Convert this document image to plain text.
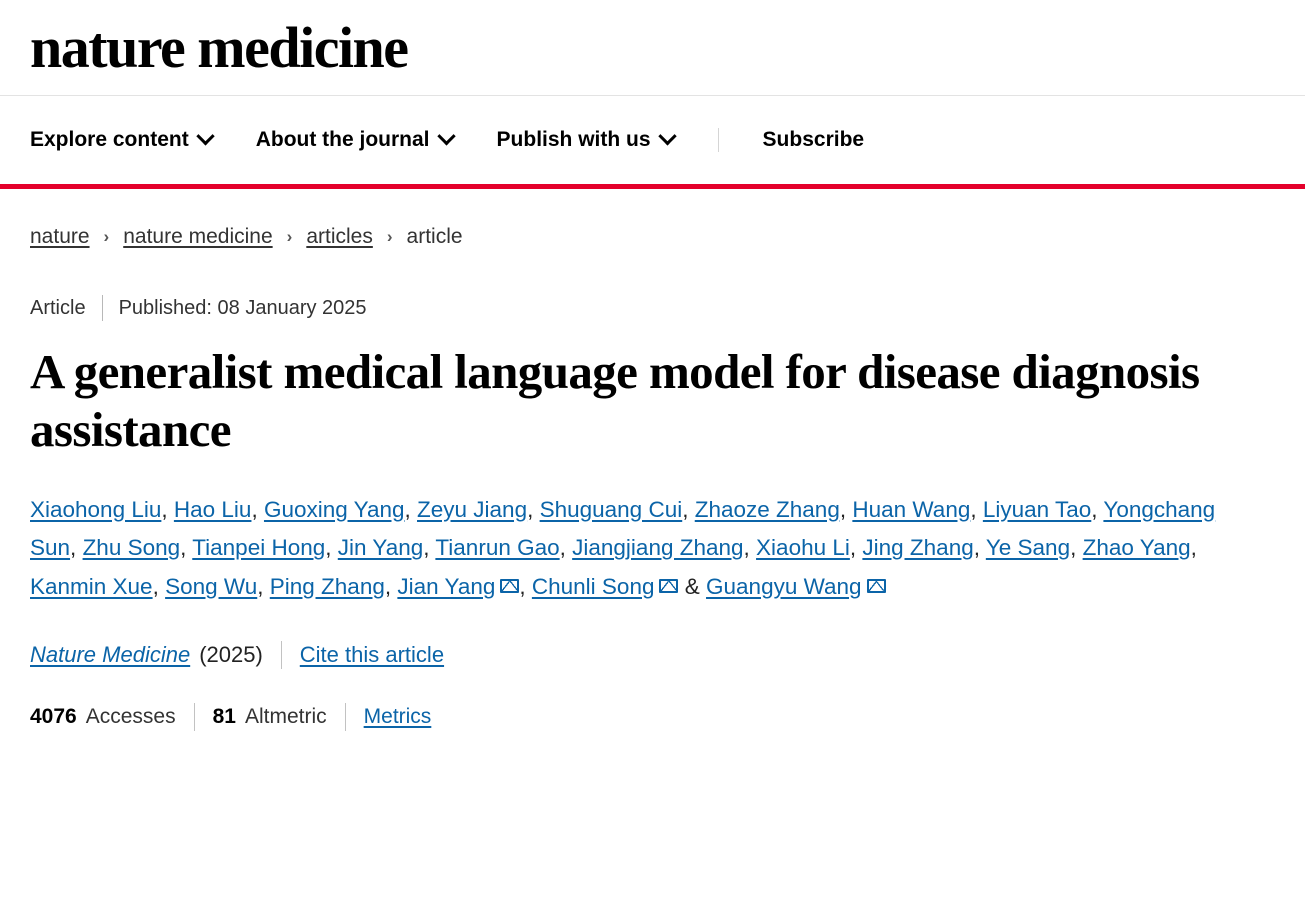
nature medicine
Explore content	About the journal	Publish with us	Subscribe
nature › nature medicine › articles › article
Article Published: 08 January 2025
A generalist medical language model for disease diagnosis assistance
Xiaohong Liu, Hao Liu, Guoxing Yang, Zeyu Jiang, Shuguang Cui, Zhaoze Zhang, Huan Wang, Liyuan Tao, Yongchang Sun, Zhu Song, Tianpei Hong, Jin Yang, Tianrun Gao, Jiangjiang Zhang, Xiaohu Li, Jing Zhang, Ye Sang, Zhao Yang, Kanmin Xue, Song Wu, Ping Zhang, Jian Yang , Chunli Song & Guangyu Wang
Nature Medicine (2025) Cite this article
4076 Accesses 81 Altmetric Metrics
